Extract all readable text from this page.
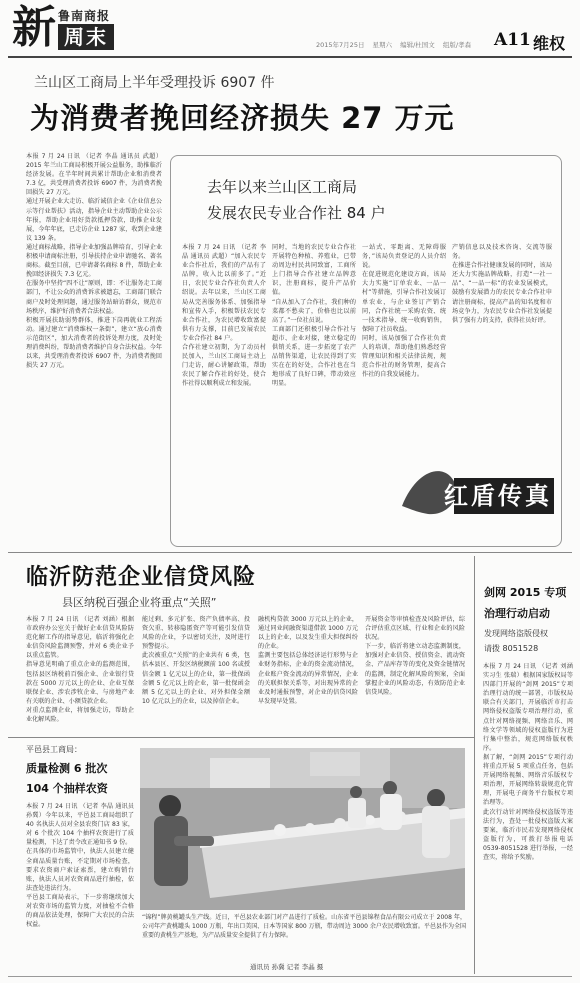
新 鲁南商报
周末	2015年7月25日 星期六 编辑/杜国文 组版/孝森 A11 维权
兰山区工商局上半年受理投诉 6907 件
为消费者挽回经济损失 27 万元
本报 7 月 24 日讯 （记者 李晶 通讯员 武超）2015 年兰山工商局积极开展公益服务，助推临沂经济发展。在半年时间共累计帮助企业和消费者 7.3 亿，共受理消费者投诉 6907 件，为消费者挽回损失 27 万元。
通过开展企业大走访、临沂诚信企业《企业信息公示等行业帮扶》活动，指导企业主动帮助企业公示年报，帮助企业用好货款抵押贷款，助推企业发展，今年年底，已走访企业 1287 家，收到企业建议 139 条。
通过商标战略，指导企业加强品牌培育，引导企业积极申请商标注册，引导扶持企业申请驰名、著名商标。截至目前，已申请著名商标 8 件，帮助企业挽回经济损失 7.3 亿元。
在服务中坚持“四不让”原则，即：不让服务走工商部门，不让公众的消费诉求被遗忘，工商部门联合商户及时处理问题，通过服务站暗访群众，规范市场秩序，维护好消费者合法权益。
积极开展扶助弱势群体，推进下岗再就业工程活动。通过建立“消费维权一条街”，建立“放心消费示范街区”，加大消费者的投诉处理力度，及时处理消费纠纷，帮助消费者维护自身合法权益。今年以来，共受理消费者投诉 6907 件，为消费者挽回损失 27 万元。
去年以来兰山区工商局
发展农民专业合作社 84 户
本报 7 月 24 日讯 （记者 李晶 通讯员 武超）“加入农民专业合作社后，我们的产品有了品牌，收入比以前多了。”近日，农民专业合作社负责人介绍说。去年以来，兰山区工商局从完善服务体系、加强指导和宣传入手，积极帮扶农民专业合作社，为农民增收致富提供有力支撑，目前已发展农民专业合作社 84 户。
合作社建立初期，为了动员村民加入，兰山区工商局主动上门走访，耐心讲解政策，帮助农民了解合作社的好处，使合作社得以顺利成立和发展。
同时，当地的农民专业合作社开展特色种植、养殖业，已带动周边村民共同致富，工商所上门指导合作社建立品牌意识，注册商标，提升产品价值。
“自从加入了合作社，我们种的菜都不愁卖了，价格也比以前高了。”一位社员说。
工商部门还积极引导合作社与超市、企业对接，建立稳定的供销关系，进一步拓宽了农产品销售渠道，让农民得到了实实在在的好处，合作社也在当地形成了良好口碑，带动效应明显。
一站式、零距离、无障碍服务，”该局负责登记的人员介绍说。
在促进规范化建设方面，该局大力实施“订单农业、一品一村”等措施，引导合作社发展订单农业，与企业签订产销合同，合作社统一采购农资、统一技术指导、统一收购销售，保障了社员收益。
同时，该局加强了合作社负责人的培训，帮助他们熟悉经营管理知识和相关法律法规，规范合作社的财务管理，提高合作社的自我发展能力。
产销信息以及技术咨询、交流等服务。
在推进合作社健康发展的同时，该局还大力实施品牌战略，打造“一社一品”、“一品一标”的农业发展模式，鼓励有发展潜力的农民专业合作社申请注册商标，提高产品的知名度和市场竞争力，为农民专业合作社发展提供了强有力的支持，获得社员好评。
红盾传真
临沂防范企业信贷风险
县区纳税百强企业将重点“关照”
本报 7 月 24 日讯 （记者 刘涵）根据市政府办公室关于做好企业信贷风险防范化解工作的指导意见，临沂将强化企业信贷风险监测预警，并对 6 类企业予以重点监管。
指导意见明确了重点企业的监测范围，包括县区纳税前百强企业、企业银行贷款在 5000 万元以上的企业、企业互保联保企业、涉农涉牧企业、与房地产业有关联的企业、小额贷款企业。
对重点监测企业，将加强走访，帮助企业化解风险。
能过剩、多元扩张、资产负债率高、投资欠重、转移隐匿资产等可能引发信贷风险的企业，予以密切关注，及时进行预警提示。
此次被重点“关照”的企业共有 6 类，包括本县区、开发区纳税额前 100 名或授信金额 1 亿元以上的企业，第一批保函金额 5 亿元以上的企业，第一批保函金额 5 亿元以上的企业、对外担保金额 10 亿元以上的企业，以及掉信企业。
融机构贷款 3000 万元以上的企业，通过同业间融资渠道借款 1000 万元以上的企业，以及发生重大担保纠纷的企业。
监测主要包括总体经济运行形势与企业财务指标，企业的资金流动情况，企业账户资金流动的异常情况，企业的关联担保关系等，对出现异常的企业及时通报预警，对企业的信贷风险早发现早处置。
开展资金等审慎检查及风险评估，综合评估重点区域、行业和企业的风险状况。
下一步，临沂将建立动态监测制度，加强对企业信贷、授信资金、流动资金、产品库存等的变化及资金链情况的监测，制定化解风险的预案，全面掌握企业的风险动态，有效防范企业信贷风险。
剑网 2015 专项
治理行动启动
发现网络盗版侵权
请拨 8051528
本报 7 月 24 日讯 （记者 刘涵 实习生 张瑞）根据国家版权局等四部门开展的“剑网 2015”专项治理行动的统一部署，市版权局联合有关部门，开展临沂市打击网络侵权盗版专项治理行动，重点针对网络视频、网络音乐、网络文学等领域的侵权盗版行为进行集中整治，规范网络版权秩序。
据了解，“剑网 2015”专项行动将重点开展 5 项重点任务，包括开展网络视频、网络音乐版权专项治理，开展网络转载规范化管理，开展电子商务平台版权专项治理等。
此次行动针对网络侵权盗版等违法行为，查处一批侵权盗版大案要案，临沂市民若发现网络侵权盗版行为，可拨打举报电话 0539-8051528 进行举报，一经查实，将给予奖励。
平邑县工商局：
质量检测 6 批次
104 个抽样农资
本报 7 月 24 日讯 （记者 李晶 通讯员 孙冀）今年以来，平邑县工商局组织了 40 名执法人员对全县农资门店 83 家，对 6 个批次 104 个抽样农资进行了质量检测，下达了责令改正通知书 9 份。
在具体的市场监管中，执法人员建立健全商品质量台账，不定期对市场检查，要求农资商户索证索票，建立购销台账，执法人员对农资商品进行抽检，依法查处违法行为。
平邑县工商局表示，下一步将继续加大对农资市场的监管力度，对抽检不合格的商品依法处理，保障广大农民的合法权益。
“锦程”牌黄桃罐头生产线。近日，平邑县农业部门对产品进行了质检。山东省平邑县锦程食品有限公司成立于 2008 年，公司年产黄桃罐头 1000 万瓶，年出口美国、日本等国家 800 万瓶，带动周边 3000 余户农民增收致富。平邑县作为全国重要的黄桃生产基地，为产品质量安全提供了有力保障。
通讯员 孙冀 记者 李晶 摄
